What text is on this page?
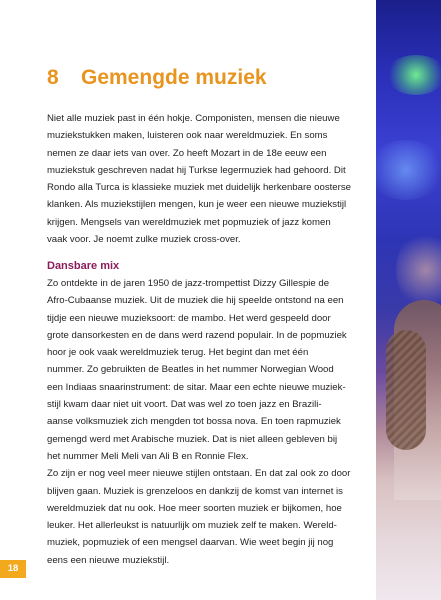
8 Gemengde muziek

Niet alle muziek past in één hokje. Componisten, mensen die nieuwe
muziekstukken maken, luisteren ook naar wereldmuziek. En soms
nemen ze daar iets van over. Zo heeft Mozart in de 18e eeuw een
muziekstuk geschreven nadat hij Turkse legermuziek had gehoord. Dit
Rondo alla Turca is klassieke muziek met duidelijk herkenbare oosterse
klanken. Als muziekstijlen mengen, kun je weer een nieuwe muziekstijl
krijgen. Mengsels van wereldmuziek met popmuziek of jazz komen
vaak voor. Je noemt zulke muziek cross-over.

Dansbare mix

Zo ontdekte in de jaren 1950 de jazz-trompettist Dizzy Gillespie de
Afro-Cubaanse muziek. Uit de muziek die hij speelde ontstond na een
tijdje een nieuwe muzieksoort: de mambo. Het werd gespeeld door
grote dansorkesten en de dans werd razend populair. In de popmuziek
hoor je ook vaak wereldmuziek terug. Het begint dan met één
nummer. Zo gebruikten de Beatles in het nummer Norwegian Wood
een Indiaas snaarinstrument: de sitar. Maar een echte nieuwe muziek-
stijl kwam daar niet uit voort. Dat was wel zo toen jazz en Brazili-
aanse volksmuziek zich mengden tot bossa nova. En toen rapmuziek
gemengd werd met Arabische muziek. Dat is niet alleen gebleven bij
het nummer Meli Meli van Ali B en Ronnie Flex.
Zo zijn er nog veel meer nieuwe stijlen ontstaan. En dat zal ook zo door
blijven gaan. Muziek is grenzeloos en dankzij de komst van internet is
wereldmuziek dat nu ook. Hoe meer soorten muziek er bijkomen, hoe
leuker. Het allerleukst is natuurlijk om muziek zelf te maken. Wereld-
muziek, popmuziek of een mengsel daarvan. Wie weet begin jij nog
eens een nieuwe muziekstijl.

18
